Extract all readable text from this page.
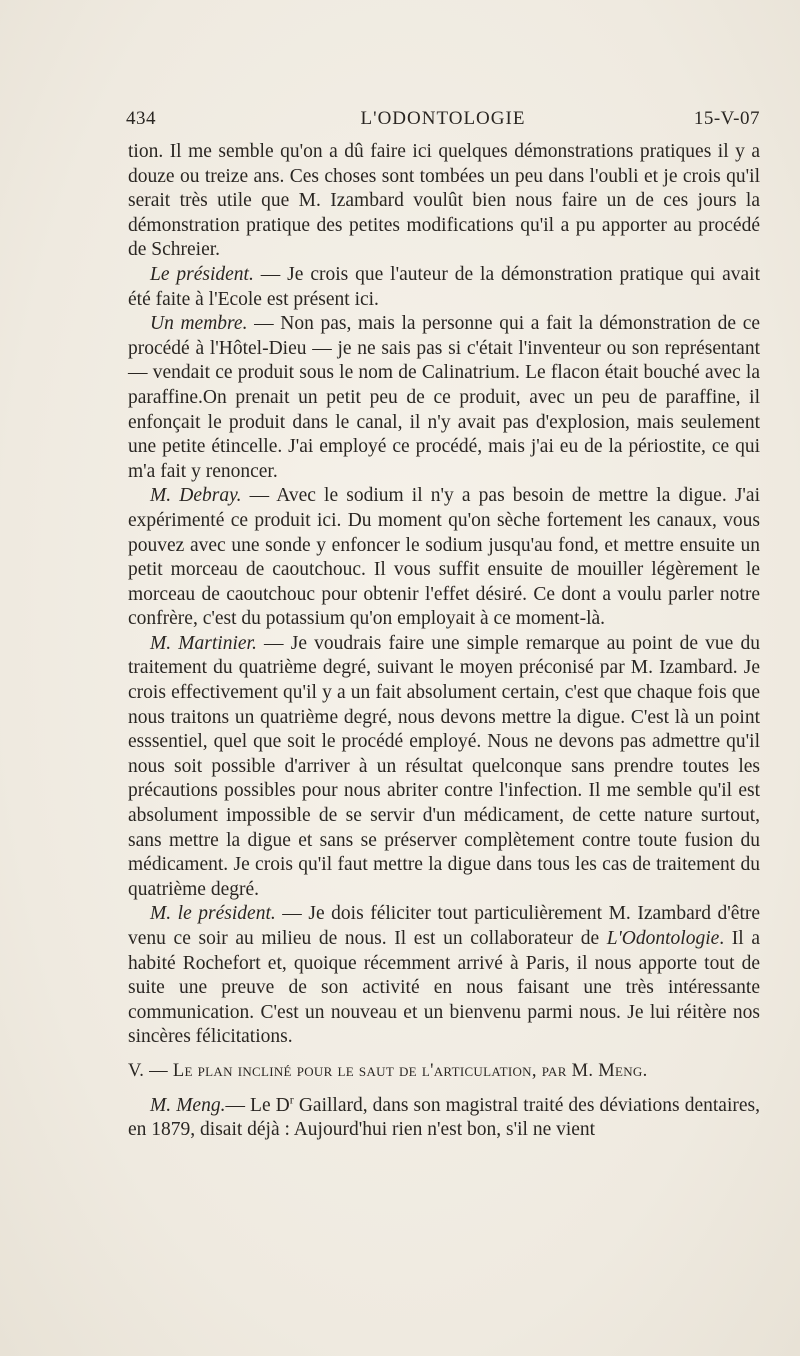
434	L'ODONTOLOGIE	15-V-07

tion. Il me semble qu'on a dû faire ici quelques démonstrations pratiques il y a douze ou treize ans. Ces choses sont tombées un peu dans l'oubli et je crois qu'il serait très utile que M. Izambard voulût bien nous faire un de ces jours la démonstration pratique des petites modifications qu'il a pu apporter au procédé de Schreier.

Le président. — Je crois que l'auteur de la démonstration pratique qui avait été faite à l'Ecole est présent ici.

Un membre. — Non pas, mais la personne qui a fait la démonstration de ce procédé à l'Hôtel-Dieu — je ne sais pas si c'était l'inventeur ou son représentant — vendait ce produit sous le nom de Calinatrium. Le flacon était bouché avec la paraffine.On prenait un petit peu de ce produit, avec un peu de paraffine, il enfonçait le produit dans le canal, il n'y avait pas d'explosion, mais seulement une petite étincelle. J'ai employé ce procédé, mais j'ai eu de la périostite, ce qui m'a fait y renoncer.

M. Debray. — Avec le sodium il n'y a pas besoin de mettre la digue. J'ai expérimenté ce produit ici. Du moment qu'on sèche fortement les canaux, vous pouvez avec une sonde y enfoncer le sodium jusqu'au fond, et mettre ensuite un petit morceau de caoutchouc. Il vous suffit ensuite de mouiller légèrement le morceau de caoutchouc pour obtenir l'effet désiré. Ce dont a voulu parler notre confrère, c'est du potassium qu'on employait à ce moment-là.

M. Martinier. — Je voudrais faire une simple remarque au point de vue du traitement du quatrième degré, suivant le moyen préconisé par M. Izambard. Je crois effectivement qu'il y a un fait absolument certain, c'est que chaque fois que nous traitons un quatrième degré, nous devons mettre la digue. C'est là un point esssentiel, quel que soit le procédé employé. Nous ne devons pas admettre qu'il nous soit possible d'arriver à un résultat quelconque sans prendre toutes les précautions possibles pour nous abriter contre l'infection. Il me semble qu'il est absolument impossible de se servir d'un médicament, de cette nature surtout, sans mettre la digue et sans se préserver complètement contre toute fusion du médicament. Je crois qu'il faut mettre la digue dans tous les cas de traitement du quatrième degré.

M. le président. — Je dois féliciter tout particulièrement M. Izambard d'être venu ce soir au milieu de nous. Il est un collaborateur de L'Odontologie. Il a habité Rochefort et, quoique récemment arrivé à Paris, il nous apporte tout de suite une preuve de son activité en nous faisant une très intéressante communication. C'est un nouveau et un bienvenu parmi nous. Je lui réitère nos sincères félicitations.

V. — Le plan incliné pour le saut de l'articulation, par M. Meng.

M. Meng.— Le $D^r$ Gaillard, dans son magistral traité des déviations dentaires, en 1879, disait déjà : Aujourd'hui rien n'est bon, s'il ne vient
